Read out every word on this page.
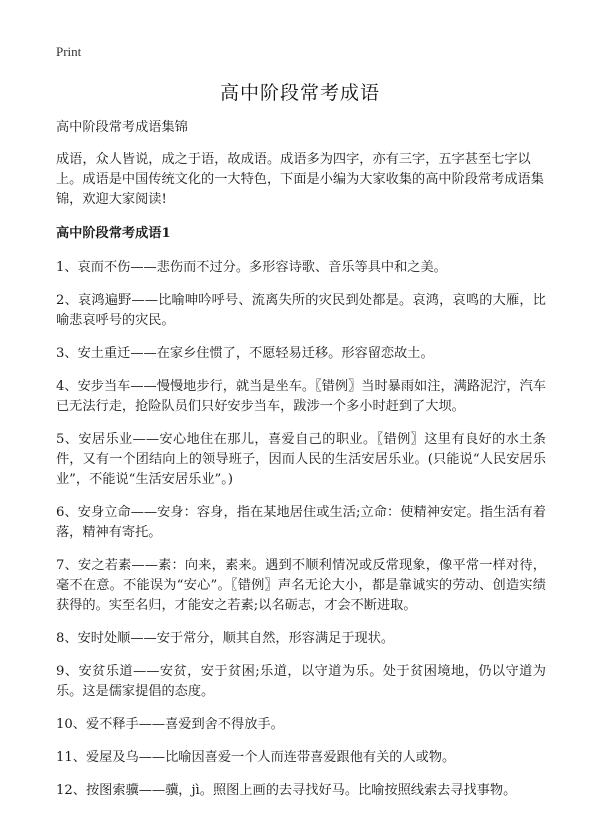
Print
高中阶段常考成语

高中阶段常考成语集锦

成语，众人皆说，成之于语，故成语。成语多为四字，亦有三字，五字甚至七字以上。成语是中国传统文化的一大特色，下面是小编为大家收集的高中阶段常考成语集锦，欢迎大家阅读!

高中阶段常考成语1

1、哀而不伤——悲伤而不过分。多形容诗歌、音乐等具中和之美。

2、哀鸿遍野——比喻呻吟呼号、流离失所的灾民到处都是。哀鸿，哀鸣的大雁，比喻悲哀呼号的灾民。

3、安土重迁——在家乡住惯了，不愿轻易迁移。形容留恋故土。

4、安步当车——慢慢地步行，就当是坐车。〖错例〗当时暴雨如注，满路泥泞，汽车已无法行走，抢险队员们只好安步当车，跋涉一个多小时赶到了大坝。

5、安居乐业——安心地住在那儿，喜爱自己的职业。〖错例〗这里有良好的水土条件，又有一个团结向上的领导班子，因而人民的生活安居乐业。(只能说“人民安居乐业”，不能说“生活安居乐业”。)

6、安身立命——安身：容身，指在某地居住或生活;立命：使精神安定。指生活有着落，精神有寄托。

7、安之若素——素：向来，素来。遇到不顺利情况或反常现象，像平常一样对待，毫不在意。不能误为“安心”。〖错例〗声名无论大小，都是靠诚实的劳动、创造实绩获得的。实至名归，才能安之若素;以名砺志，才会不断进取。

8、安时处顺——安于常分，顺其自然，形容满足于现状。

9、安贫乐道——安贫，安于贫困;乐道，以守道为乐。处于贫困境地，仍以守道为乐。这是儒家提倡的态度。

10、爱不释手——喜爱到舍不得放手。

11、爱屋及乌——比喻因喜爱一个人而连带喜爱跟他有关的人或物。

12、按图索骥——骥，jì。照图上画的去寻找好马。比喻按照线索去寻找事物。
